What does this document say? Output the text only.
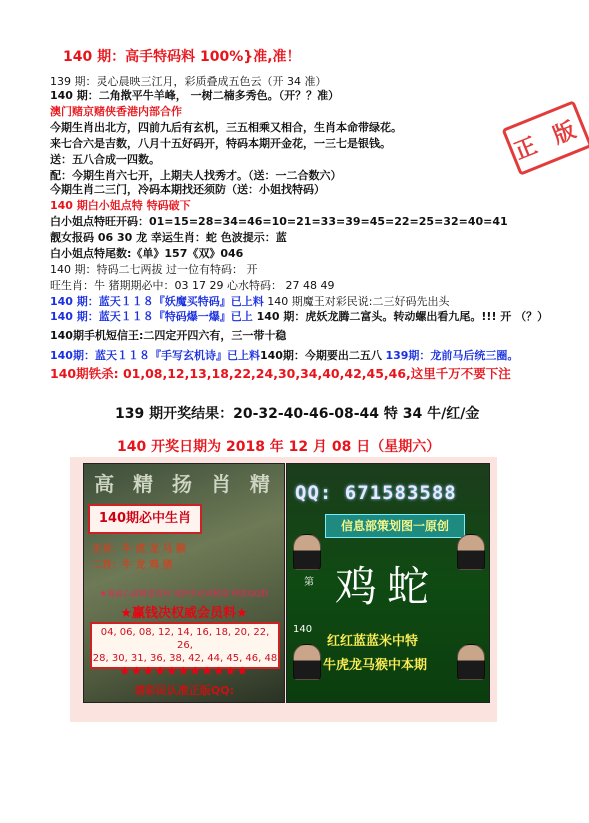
140 期：高手特码料 100%}准,准！
139 期：灵心晨映三江月，彩质叠成五色云（开 34 准）
140 期：二角揿平牛羊峰， 一树二楠多秀色。（开？？准）
澳门赌京赌侠香港内部合作
今期生肖出北方，四前九后有玄机，三五相乘又相合，生肖本命带绿花。
来七合六是吉数，八月十五好码开，特码本期开金花，一三七是银钱。
送：五八合成一四数。
配：今期生肖六七开，上期夫人找秀才。（送：一二合数六）
今期生肖二三门，冷码本期找还须防（送：小姐找特码）
正 版
140 期白小姐点特 特码破下
白小姐点特旺开码：01=15=28=34=46=10=21=33=39=45=22=25=32=40=41
靓女报码 06 30 龙 幸运生肖：蛇 色波提示：蓝
白小姐点特尾数:《单》157《双》046
140 期：特码二七两拔 过一位有特码： 开
旺生肖：牛 猪期期必中：03 17 29 心水特码： 27 48 49
140 期：蓝天１１８『妖魔买特码』已上料 140 期魔王对彩民说:二三好码先出头
140 期：蓝天１１８『特码爆一爆』已上 140 期：虎妖龙腾二富头。转动螺出看九尾。!!! 开 （？）
140期手机短信王:二四定开四六有，三一带十稳
140期：蓝天１１８『手写玄机诗』已上料140期：今期要出二五八 139期：龙前马后统三圈。
140期铁杀: 01,08,12,13,18,22,24,30,34,40,42,45,46,这里千万不要下注
139 期开奖结果：20-32-40-46-08-44 特 34 牛/红/金
140 开奖日期为 2018 年 12 月 08 日（星期六）
高 精 扬 肖 精
140期必中生肖
正肖：牛 虎 龙 马 猴
二肖：牛 龙 鸡 猪
★请高心高精准资料 请到本站高精准 精准QQ群
★赢钱决权威会员料★
04, 06, 08, 12, 14, 16, 18, 20, 22, 26,
28, 30, 31, 36, 38, 42, 44, 45, 46, 48
★★★★★★★★★★★
请彩民认准正版QQ:
QQ: 671583588
信息部策划图一原创
第
140
鸡蛇
红红蓝蓝米中特
牛虎龙马猴中本期
